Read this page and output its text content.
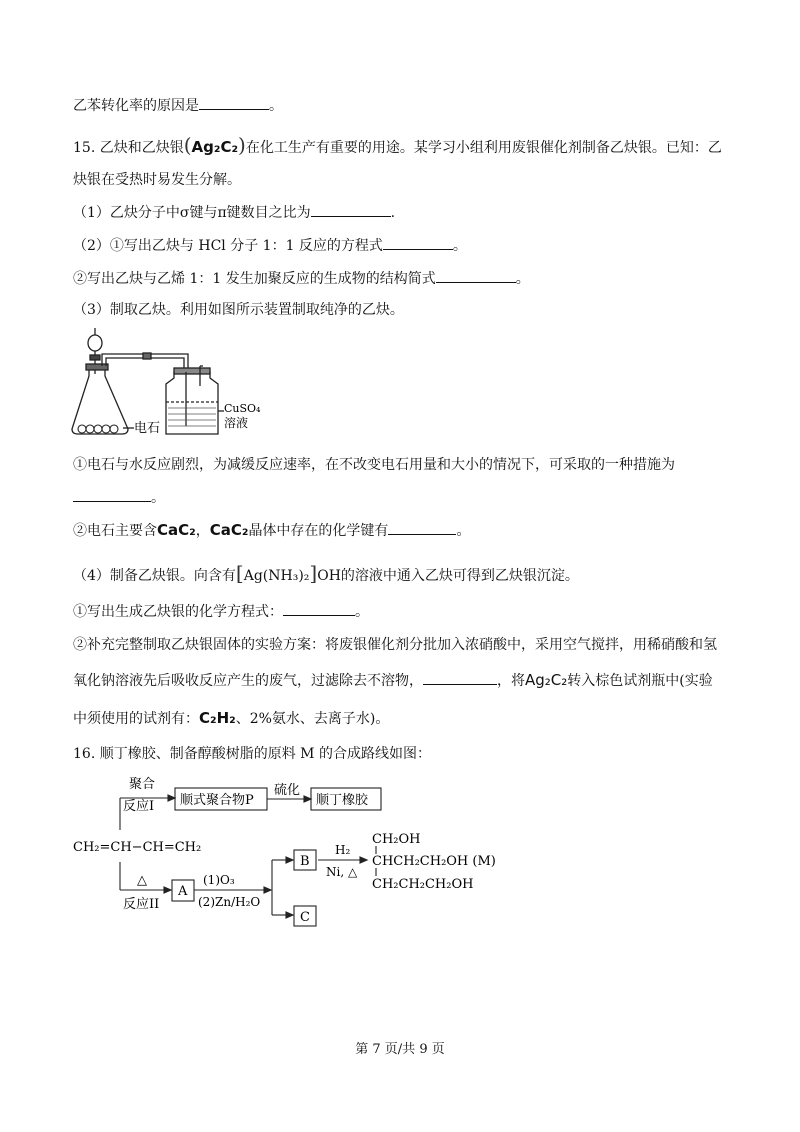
乙苯转化率的原因是	。
15. 乙炔和乙炔银(Ag₂C₂)在化工生产有重要的用途。某学习小组利用废银催化剂制备乙炔银。已知：乙
炔银在受热时易发生分解。
（1）乙炔分子中σ键与π键数目之比为	.
（2）①写出乙炔与 HCl 分子 1：1 反应的方程式	。
②写出乙炔与乙烯 1：1 发生加聚反应的生成物的结构简式	。
（3）制取乙炔。利用如图所示装置制取纯净的乙炔。
电石
CuSO₄
溶液
①电石与水反应剧烈，为减缓反应速率，在不改变电石用量和大小的情况下，可采取的一种措施为
。
②电石主要含CaC₂，CaC₂晶体中存在的化学键有	。
（4）制备乙炔银。向含有[Ag(NH₃)₂]OH的溶液中通入乙炔可得到乙炔银沉淀。
①写出生成乙炔银的化学方程式：	。
②补充完整制取乙炔银固体的实验方案：将废银催化剂分批加入浓硝酸中，采用空气搅拌，用稀硝酸和氢
氧化钠溶液先后吸收反应产生的废气，过滤除去不溶物，	，将Ag₂C₂转入棕色试剂瓶中(实验
中须使用的试剂有：C₂H₂、2%氨水、去离子水)。
16. 顺丁橡胶、制备醇酸树脂的原料 M 的合成路线如图：
聚合
反应I 顺式聚合物P
硫化
顺丁橡胶
CH₂=CH−CH=CH₂
△
反应II
A
(1)O₃
(2)Zn/H₂O
B
C
H₂
Ni, △
CH₂OH
CHCH₂CH₂OH (M)
CH₂CH₂CH₂OH
第 7 页/共 9 页
